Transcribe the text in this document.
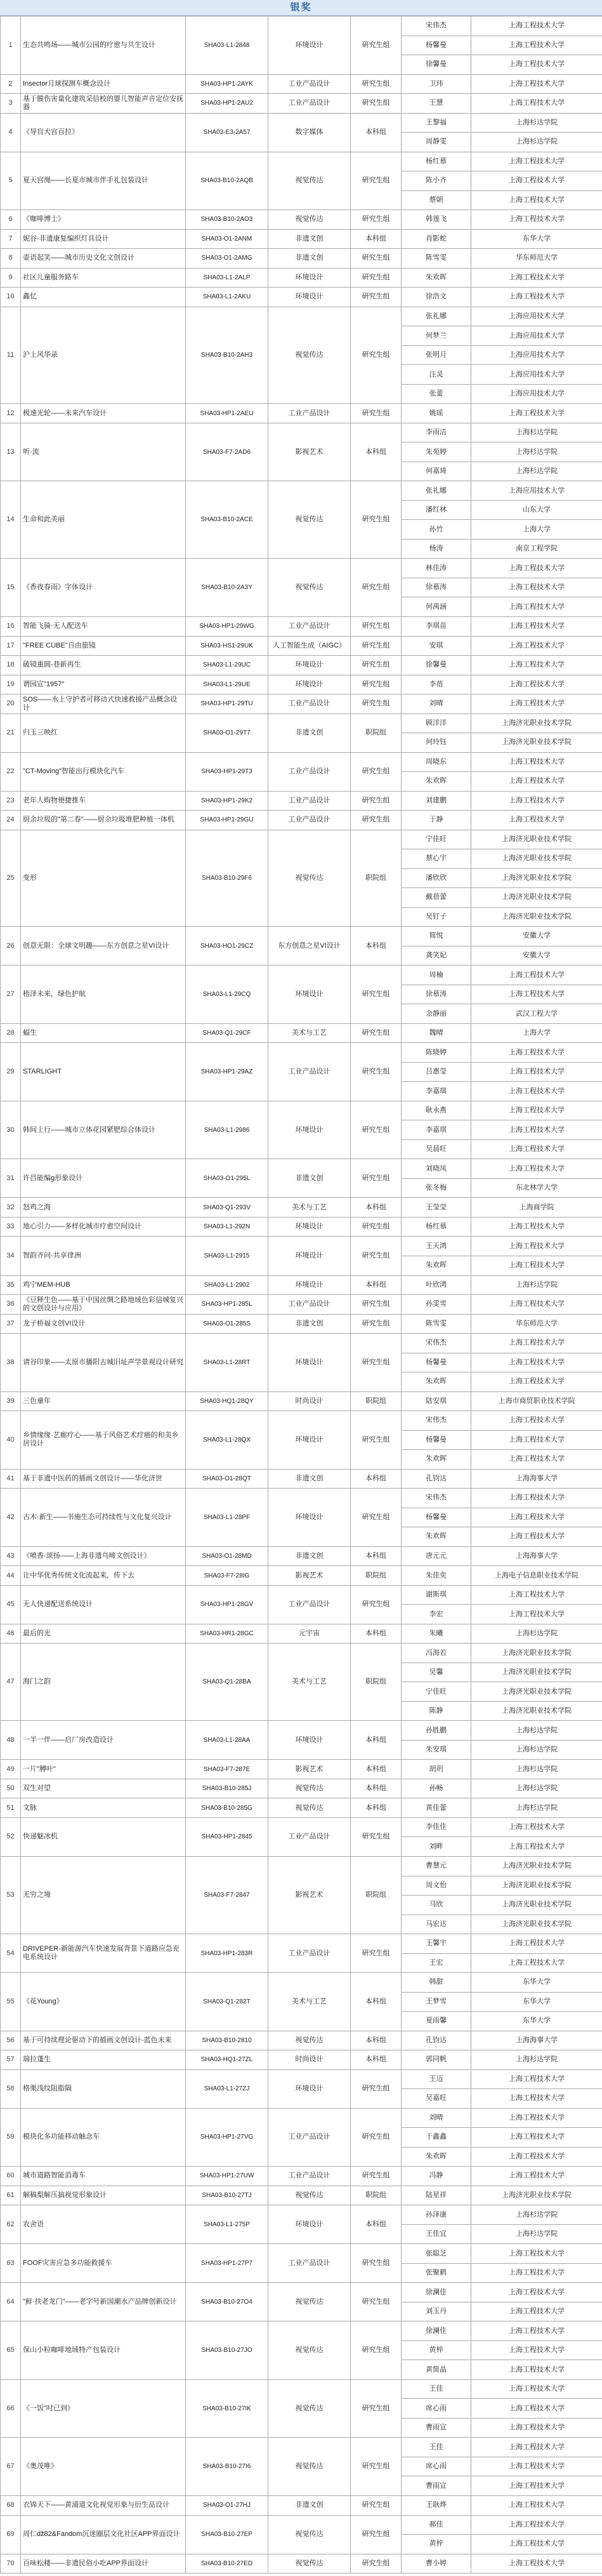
银奖
1	生态共鸣场——城市公园的疗愈与共生设计	SHA03-L1-2848	环境设计	研究生组	宋伟杰	上海工程技术大学
					杨馨曼	上海工程技术大学
					徐馨曼	上海工程技术大学
2	Insector月球探测车概念设计	SHA03-HP1-2AYK	工业产品设计	研究生组	卫玮	上海工程技术大学
3	基于膜伤害量化建筑采信校的婴儿智能声音定位安抚器	SHA03-HP1-2AU2	工业产品设计	研究生组	王慧	上海工程技术大学
4	《导盲犬宫百拉》	SHA03-E3-2A57	数字媒体	本科组	王黎福	上海杉达学院
					周静雯	上海杉达学院
5	夏天宫绳——长夏市城市伴手礼包装设计	SHA03-B10-2AQB	视觉传达	研究生组	杨红慕	上海工程技术大学
					陈小齐	上海工程技术大学
					蔡朝	上海工程技术大学
6	《咖啡博士》	SHA03-B10-2AO3	视觉传达	研究生组	韩莲飞	上海工程技术大学
7	妮谷-非遗康复编织灯具设计	SHA03-O1-2ANM	非遗文创	本科组	肖影蛇	东华大学
8	壶语起笑——城市历史文化文创设计	SHA03-O1-2AMG	非遗文创	研究生组	陈雪雯	华东师范大学
9	社区儿童服务路车	SHA03-L1-2ALP	环境设计	研究生组	朱欢晖	上海工程技术大学
10	鑫忆	SHA03-L1-2AKU	环境设计	研究生组	徐浩文	上海工程技术大学
11	沪上风华录	SHA03-B10-2AH3	视觉传达	研究生组	张礼娜	上海应用技术大学
					何梦兰	上海应用技术大学
					张明月	上海应用技术大学
					汪灵	上海应用技术大学
					张蕾	上海应用技术大学
12	极速光轮——未来汽车设计	SHA03-HP1-2AEU	工业产品设计	研究生组	姚瑶	上海工程技术大学
13	听·流	SHA03-F7-2AD6	影视艺术	本科组	李雨洁	上海杉达学院
					朱苑婷	上海杉达学院
					何嘉琦	上海杉达学院
14	生命和此美丽	SHA03-B10-2ACE	视觉传达	研究生组	张礼娜	上海应用技术大学
					潘红林	山东大学
					孙竹	上海大学
					杨涛	南京工程学院
15	《香夜春雨》字体设计	SHA03-B10-2A3Y	视觉传达	研究生组	林佳涛	上海工程技术大学
					徐慕涛	上海工程技术大学
					何禹涵	上海工程技术大学
16	智能飞骑·无人配送车	SHA03-HP1-29WG	工业产品设计	研究生组	李琪苗	上海工程技术大学
17	"FREE CUBE"自由旅镜	SHA03-HS1-29UK	人工智能生成（AIGC）	研究生组	安琪	上海工程技术大学
18	破镜重圆-巷新再生	SHA03-L1-29UC	环境设计	研究生组	徐馨曼	上海工程技术大学
19	谓园宣"1957"	SHA03-L1-29UE	环境设计	研究生组	李蓓	上海工程技术大学
20	SOS——水上守护者可移动式快速救援产品概念设计	SHA03-HP1-29TU	工业产品设计	研究生组	刘晴	上海工程技术大学
21	归玉三映红	SHA03-O1-29T7	非遗文创	职院组	顾洋洋	上海济光职业技术学院
					何玲钰	上海济光职业技术学院
22	"CT-Moving"智能出行模块化汽车	SHA03-HP1-29T3	工业产品设计	研究生组	周晓东	上海工程技术大学
					朱欢晖	上海工程技术大学
23	老年人购物便捷推车	SHA03-HP1-29K2	工业产品设计	研究生组	刘建鹏	上海工程技术大学
24	厨余垃圾的"第二春"——厨余垃圾堆肥种植一体机	SHA03-HP1-29GU	工业产品设计	研究生组	于静	上海工程技术大学
25	变形	SHA03-B10-29F6	视觉传达	职院组	宁佳旺	上海济光职业技术学院
					蔡心宇	上海济光职业技术学院
					潘欣欣	上海济光职业技术学院
					戴蓓蕾	上海济光职业技术学院
					吴钉子	上海济光职业技术学院
26	创意无限：全球文明趣——东方创意之星VI设计	SHA03-HO1-29CZ	东方创意之星VI设计	本科组	简悦	安徽大学
					龚笑妃	安徽大学
27	梧泽未来，绿色护航	SHA03-L1-29CQ	环境设计	研究生组	周楠	上海工程技术大学
					徐慕涛	上海工程技术大学
					余静丽	武汉工程大学
28	蝠生	SHA03-Q1-29CF	美术与工艺	研究生组	魏晴	上海大学
29	STARLIGHT	SHA03-HP1-29AZ	工业产品设计	研究生组	陈晓婷	上海工程技术大学
					吕惠莹	上海工程技术大学
					李嘉琪	上海工程技术大学
30	韩间上行——城市立体花园紧肥综合体设计	SHA03-L1-2986	环境设计	研究生组	耿永燕	上海工程技术大学
					李嘉琪	上海工程技术大学
					吴晨旺	上海工程技术大学
31	许昌能编g形象设计	SHA03-O1-295L	非遗文创	研究生组	刘晓凤	上海工程技术大学
					张冬梅	东北林学大学
32	怒鸡之海	SHA03-Q1-293V	美术与工艺	本科组	王莹莹	上海商学院
33	地心引力——多样化城市疗愈空间设计	SHA03-L1-292N	环境设计	研究生组	杨红慕	上海工程技术大学
34	智韵齐问·共享律洲	SHA03-L1-2915	环境设计	研究生组	王天鸿	上海工程技术大学
					朱欢晖	上海工程技术大学
35	鸡宁MEM-HUB	SHA03-L1-2902	环境设计	本科组	叶欣鸿	上海杉达学院
36	《豆释生色——基于中国丝绸之路地域色彩信城复兴的文创设计与应用》	SHA03-HP1-285L	工业产品设计	研究生组	孙雯雪	上海工程技术大学
37	龙子桥福文创VI设计	SHA03-O1-285S	非遗文创	研究生组	陈雪雯	华东师范大学
38	请谷印象——太原市播阳古城旧址声学景观设计研究	SHA03-L1-28RT	环境设计	研究生组	宋伟杰	上海工程技术大学
					杨馨曼	上海工程技术大学
					朱欢晖	上海工程技术大学
39	三色童年	SHA03-HQ1-28QY	时尚设计	职院组	陆安琪	上海市商贸职业技术学院
40	乡情缘缘·艺廊疗心——基于风俗艺术疗癌的和美乡居设计	SHA03-L1-28QX	环境设计	研究生组	宋伟杰	上海工程技术大学
					杨馨曼	上海工程技术大学
					朱欢晖	上海工程技术大学
41	基于非遗中医药的插画文创设计——华化济世	SHA03-O1-28QT	非遗文创	本科组	孔钧达	上海海事大学
42	古木·新生——书施生态可持续性与文化复兴设计	SHA03-L1-28PF	环境设计	研究生组	宋伟杰	上海工程技术大学
					杨馨曼	上海工程技术大学
					朱欢晖	上海工程技术大学
43	《喷香·颂扬——上海非遗鸟啼文创设计》	SHA03-O1-28MD	非遗文创	本科组	唐元元	上海海事大学
44	让中华优秀传统文化流起来，传下去	SHA03-F7-28IG	影视艺术	职院组	朱佳奕	上海电子信息职业技术学院
45	无人快递配送系统设计	SHA03-HP1-28GV	工业产品设计	研究生组	谢斯琪	上海工程技术大学
					李宏	上海工程技术大学
46	最后的光	SHA03-HR1-28GC	元宇宙	本科组	朱曦	上海杉达学院
47	海门之韵	SHA03-Q1-28BA	美术与工艺	职院组	冯海若	上海济光职业技术学院
					吴馨	上海济光职业技术学院
					宁佳旺	上海济光职业技术学院
					陈静	上海济光职业技术学院
48	一半一伴——启厂房改造设计	SHA03-L1-28AA	环境设计	本科组	孙胜鹏	上海杉达学院
					朱安琪	上海杉达学院
49	一片"膊叶"	SHA03-F7-287E	影视艺术	本科组	胡玥	上海杉达学院
50	双生对望	SHA03-B10-285J	视觉传达	本科组	孙畅	上海杉达学院
51	文脉	SHA03-B10-285G	视觉传达	本科组	黄佳蕾	上海杉达学院
52	快递魅冰机	SHA03-HP1-2845	工业产品设计	研究生组	李佳佳	上海工程技术大学
					刘畔	上海工程技术大学
53	无穷之境	SHA03-F7-2847	影视艺术	职院组	曹慧元	上海济光职业技术学院
					周文怡	上海济光职业技术学院
					马欣	上海济光职业技术学院
					马宏达	上海济光职业技术学院
54	DRIVEPER-新能源汽车快速发展背景下道路应急充电系统设计	SHA03-HP1-283R	工业产品设计	研究生组	王馨宇	上海工程技术大学
					王宏	上海工程技术大学
55	《花Young》	SHA03-Q1-282T	美术与工艺	本科组	韩甜	东华大学
					王梦雪	东华大学
					夏雨馨	东华大学
56	基于可持续理论驱动下的插画文创设计-蓝色未来	SHA03-B10-2810	视觉传达	本科组	孔钧达	上海海事大学
57	瑞拉蓬生	SHA03-HQ1-27ZL	时尚设计	本科组	郭同帆	上海杉达学院
58	格栗浅纹阻脂隔	SHA03-L1-27ZJ	环境设计	研究生组	王迈	上海工程技术大学
					吴嘉旺	上海工程技术大学
59	模块化多功能移动触念车	SHA03-HP1-27VG	工业产品设计	研究生组	刘晴	上海工程技术大学
					于鑫鑫	上海工程技术大学
					朱欢晖	上海工程技术大学
60	城市道路智能消毒车	SHA03-HP1-27UW	工业产品设计	研究生组	冯静	上海工程技术大学
61	解稿梨解压搞视觉形象设计	SHA03-B10-27TJ	视觉传达	职院组	陆星祥	上海济光职业技术学院
62	农舍语	SHA03-L1-275P	环境设计	本科组	孙泽康	上海杉达学院
					王佳宜	上海杉达学院
63	FOOF灾害应急多功能救援车	SHA03-HP1-27P7	工业产品设计	研究生组	张聪芝	上海工程技术大学
					张聚鹤	上海工程技术大学
64	"鲜·扶老龙门"——老字号新国潮水产品牌创新设计	SHA03-B10-27O4	视觉传达	研究生组	徐澜佳	上海工程技术大学
					刘玉丹	上海工程技术大学
65	保山小粒咖啡地域特产包装设计	SHA03-B10-27JO	视觉传达	研究生组	徐澜佳	上海工程技术大学
					黄梓	上海工程技术大学
					黄简晶	上海工程技术大学
66	《一饭"吋已到》	SHA03-B10-27IK	视觉传达	研究生组	王佳	上海工程技术大学
					席心雨	上海工程技术大学
					曹雨宣	上海工程技术大学
67	《奥茂唯》	SHA03-B10-27I6	视觉传达	研究生组	王佳	上海工程技术大学
					席心雨	上海工程技术大学
					曹雨宣	上海工程技术大学
68	衣锦天下——黄浦道文化视觉形象与衍生品设计	SHA03-O1-27HJ	非遗文创	研究生组	王耿烨	上海工程技术大学
69	周仁ǆ82&Fandom沉迷圈层文化社区APP界面设计	SHA03-B10-27EP	视觉传达	研究生组	郝佳	上海工程技术大学
					黄梓	上海工程技术大学
70	百味松楼——非遗民俗小吃APP界面设计	SHA03-B10-27ED	视觉传达	研究生组	曹小婷	上海工程技术大学
